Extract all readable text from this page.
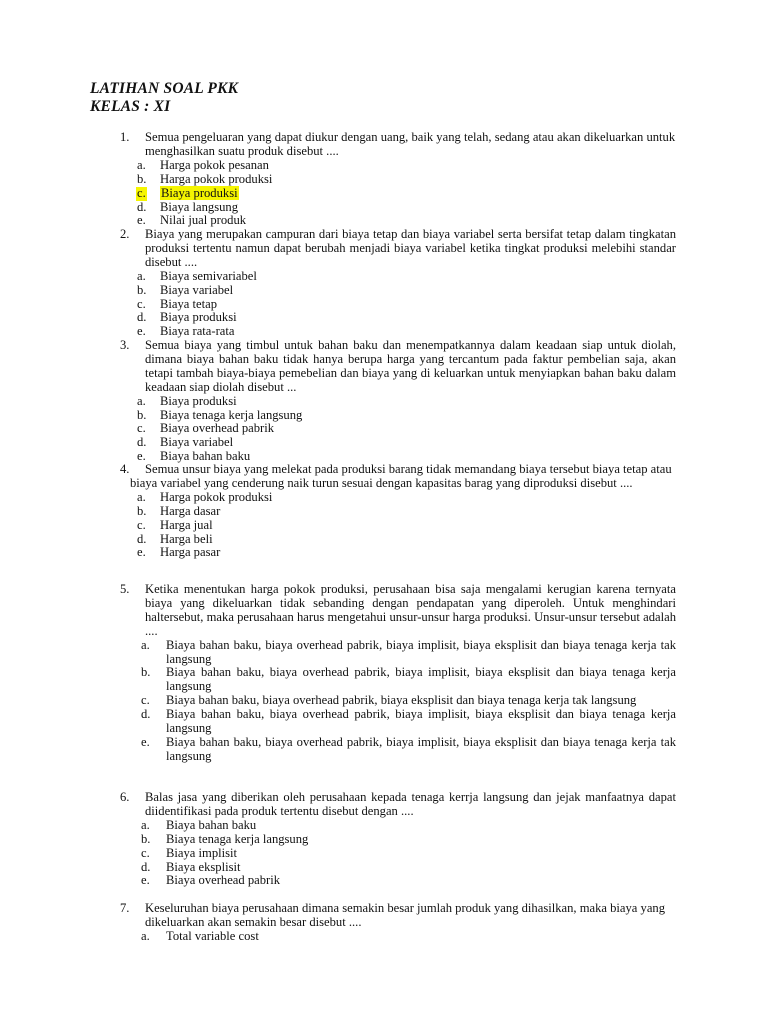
LATIHAN SOAL PKK
KELAS : XI
1. Semua pengeluaran yang dapat diukur dengan uang, baik yang telah, sedang atau akan dikeluarkan untuk menghasilkan suatu produk disebut ....
a. Harga pokok pesanan
b. Harga pokok produksi
c. Biaya produksi
d. Biaya langsung
e. Nilai jual produk
2. Biaya yang merupakan campuran dari biaya tetap dan biaya variabel serta bersifat tetap dalam tingkatan produksi tertentu namun dapat berubah menjadi biaya variabel ketika tingkat produksi melebihi standar disebut ....
a. Biaya semivariabel
b. Biaya variabel
c. Biaya tetap
d. Biaya produksi
e. Biaya rata-rata
3. Semua biaya yang timbul untuk bahan baku dan menempatkannya dalam keadaan siap untuk diolah, dimana biaya bahan baku tidak hanya berupa harga yang tercantum pada faktur pembelian saja, akan tetapi tambah biaya-biaya pemebelian dan biaya yang di keluarkan untuk menyiapkan bahan baku dalam keadaan siap diolah disebut ...
a. Biaya produksi
b. Biaya tenaga kerja langsung
c. Biaya overhead pabrik
d. Biaya variabel
e. Biaya bahan baku
4.	Semua unsur biaya yang melekat pada produksi barang tidak memandang biaya tersebut biaya tetap atau biaya variabel yang cenderung naik turun sesuai dengan kapasitas barag yang diproduksi disebut ....
a. Harga pokok produksi
b. Harga dasar
c. Harga jual
d. Harga beli
e. Harga pasar
5. Ketika menentukan harga pokok produksi, perusahaan bisa saja mengalami kerugian karena ternyata biaya yang dikeluarkan tidak sebanding dengan pendapatan yang diperoleh. Untuk menghindari haltersebut, maka perusahaan harus mengetahui unsur-unsur harga produksi. Unsur-unsur tersebut adalah ....
a. Biaya bahan baku, biaya overhead pabrik, biaya implisit, biaya eksplisit dan biaya tenaga kerja tak langsung
b. Biaya bahan baku, biaya overhead pabrik, biaya implisit, biaya eksplisit dan biaya tenaga kerja langsung
c. Biaya bahan baku, biaya overhead pabrik, biaya eksplisit dan biaya tenaga kerja tak langsung
d. Biaya bahan baku, biaya overhead pabrik, biaya implisit, biaya eksplisit dan biaya tenaga kerja langsung
e. Biaya bahan baku, biaya overhead pabrik, biaya implisit, biaya eksplisit dan biaya tenaga kerja tak langsung
6. Balas jasa yang diberikan oleh perusahaan kepada tenaga kerrja langsung dan jejak manfaatnya dapat diidentifikasi pada produk tertentu disebut dengan ....
a. Biaya bahan baku
b. Biaya tenaga kerja langsung
c. Biaya implisit
d. Biaya eksplisit
e. Biaya overhead pabrik
7. Keseluruhan biaya perusahaan dimana semakin besar jumlah produk yang dihasilkan, maka biaya yang dikeluarkan akan semakin besar disebut ....
a. Total variable cost
